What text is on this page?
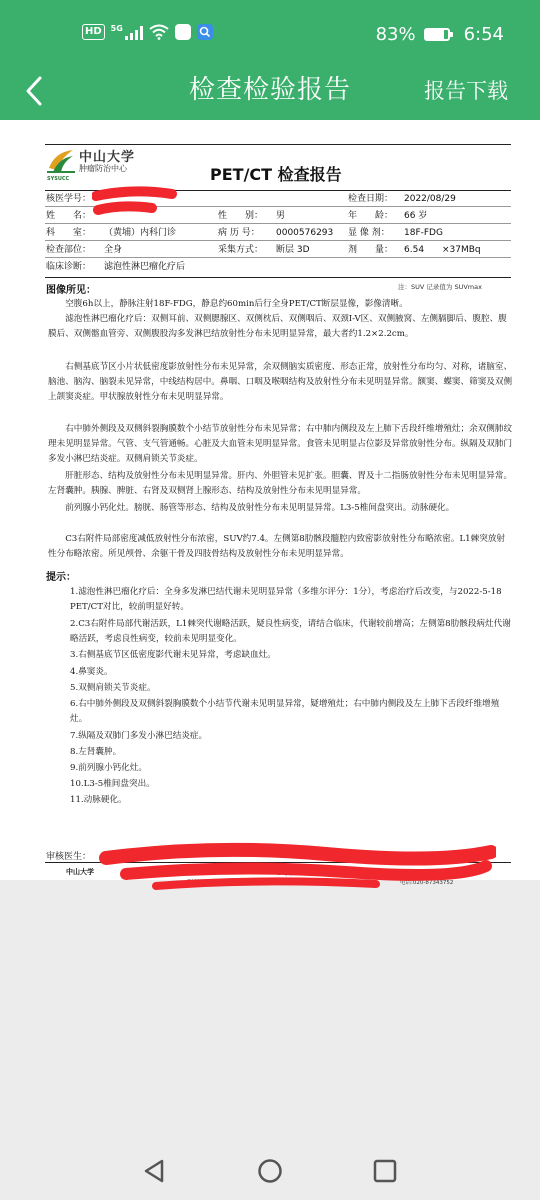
HD	5G	83%	6:54
检查检验报告	报告下载
SYSUCC
中山大学
肿瘤防治中心	PET/CT 检查报告
核医学号：	检查日期： 2022/08/29
姓　　名：	性　　别： 男	年　　龄： 66 岁
科　　室： （黄埔）内科门诊	病 历 号： 0000576293 显 像 剂： 18F-FDG
检查部位： 全身	采集方式： 断层 3D	剂　　量： 6.54 ×37MBq
临床诊断： 滤泡性淋巴瘤化疗后
图像所见：	注：SUV 记录值为 SUVmax

空腹6h以上，静脉注射18F-FDG，静息约60min后行全身PET/CT断层显像，影像清晰。

滤泡性淋巴瘤化疗后：双侧耳前、双侧腮腺区、双侧枕后、双侧咽后、双颈I-V区、双侧腋窝、左侧膈脚后、腹腔、腹膜后、双侧髂血管旁、双侧腹股沟多发淋巴结放射性分布未见明显异常，最大者约1.2×2.2cm。

右侧基底节区小片状低密度影放射性分布未见异常，余双侧脑实质密度、形态正常，放射性分布均匀、对称，诸脑室、脑池、脑沟、脑裂未见异常，中线结构居中。鼻咽、口咽及喉咽结构及放射性分布未见明显异常。额窦、蝶窦、筛窦及双侧上颌窦炎症。甲状腺放射性分布未见明显异常。

右中肺外侧段及双侧斜裂胸膜数个小结节放射性分布未见异常；右中肺内侧段及左上肺下舌段纤维增殖灶；余双侧肺纹理未见明显异常。气管、支气管通畅。心脏及大血管未见明显异常。食管未见明显占位影及异常放射性分布。纵隔及双肺门多发小淋巴结炎症。双侧肩锁关节炎症。

肝脏形态、结构及放射性分布未见明显异常。肝内、外胆管未见扩张。胆囊、胃及十二指肠放射性分布未见明显异常。左肾囊肿。胰腺、脾脏、右肾及双侧肾上腺形态、结构及放射性分布未见明显异常。

前列腺小钙化灶。膀胱、肠管等形态、结构及放射性分布未见明显异常。L3-5椎间盘突出。动脉硬化。

C3右附件局部密度减低放射性分布浓密，SUV约7.4。左侧第8肋骸段髓腔内致密影放射性分布略浓密。L1棘突放射性分布略浓密。所见颅骨、余躯干骨及四肢骨结构及放射性分布未见明显异常。

提示：

1.滤泡性淋巴瘤化疗后：全身多发淋巴结代谢未见明显异常（多维尔评分：1分），考虑治疗后改变，与2022-5-18 PET/CT对比，较前明显好转。

2.C3右附件局部代谢活跃，L1棘突代谢略活跃，疑良性病变，请结合临床，代谢较前增高；左侧第8肋骸段病灶代谢略活跃，考虑良性病变，较前未见明显变化。

3.右侧基底节区低密度影代谢未见异常，考虑缺血灶。

4.鼻窦炎。

5.双侧肩锁关节炎症。

6.右中肺外侧段及双侧斜裂胸膜数个小结节代谢未见明显异常，疑增殖灶；右中肺内侧段及左上肺下舌段纤维增殖灶。

7.纵隔及双肺门多发小淋巴结炎症。

8.左肾囊肿。

9.前列腺小钙化灶。

10.L3-5椎间盘突出。

11.动脉硬化。

审核医生：
中山大学	（2 号楼 4 楼）	电话:020-87343415
黄埔院区：广州市黄埔区中新知识城开阳路 1 号（1 号楼负 1 楼）	电话:020-87343752
